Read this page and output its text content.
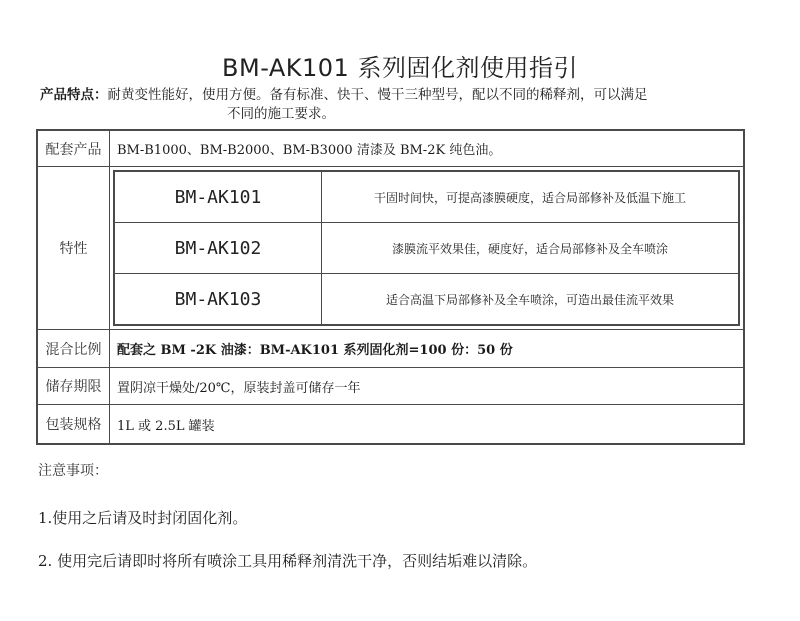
BM-AK101 系列固化剂使用指引
产品特点：耐黄变性能好，使用方便。备有标准、快干、慢干三种型号，配以不同的稀释剂，可以满足
不同的施工要求。
配套产品	BM-B1000、BM-B2000、BM-B3000 清漆及 BM-2K 纯色油。
特性	
BM-AK101	干固时间快，可提高漆膜硬度，适合局部修补及低温下施工
BM-AK102	漆膜流平效果佳，硬度好，适合局部修补及全车喷涂
BM-AK103	适合高温下局部修补及全车喷涂，可造出最佳流平效果

混合比例	配套之 BM -2K 油漆：BM-AK101 系列固化剂=100 份：50 份
储存期限	置阴凉干燥处/20℃，原装封盖可储存一年
包装规格	1L 或 2.5L 罐装
注意事项：
1.使用之后请及时封闭固化剂。
2. 使用完后请即时将所有喷涂工具用稀释剂清洗干净，否则结垢难以清除。
